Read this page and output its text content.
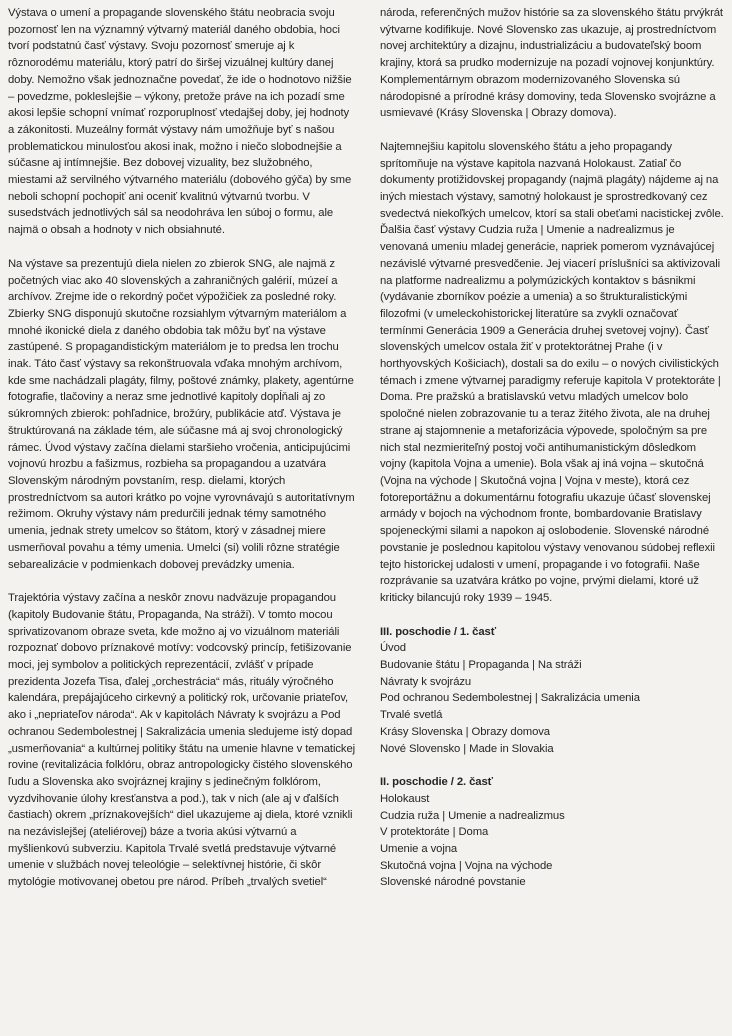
Výstava o umení a propagande slovenského štátu neobracia svoju pozornosť len na významný výtvarný materiál daného obdobia, hoci tvorí podstatnú časť výstavy. Svoju pozornosť smeruje aj k rôznorodému materiálu, ktorý patrí do širšej vizuálnej kultúry danej doby. Nemožno však jednoznačne povedať, že ide o hodnotovo nižšie – povedzme, pokleslejšie – výkony, pretože práve na ich pozadí sme akosi lepšie schopní vnímať rozporuplnosť vtedajšej doby, jej hodnoty a zákonitosti. Muzeálny formát výstavy nám umožňuje byť s našou problematickou minulosťou akosi inak, možno i niečo slobodnejšie a súčasne aj intímnejšie. Bez dobovej vizuality, bez služobného, miestami až servilného výtvarného materiálu (dobového gýča) by sme neboli schopní pochopiť ani oceniť kvalitnú výtvarnú tvorbu. V susedstvách jednotlivých sál sa neodohráva len súboj o formu, ale najmä o obsah a hodnoty v nich obsiahnuté.

Na výstave sa prezentujú diela nielen zo zbierok SNG, ale najmä z početných viac ako 40 slovenských a zahraničných galérií, múzeí a archívov. Zrejme ide o rekordný počet výpožičiek za posledné roky. Zbierky SNG disponujú skutočne rozsiahlym výtvarným materiálom a mnohé ikonické diela z daného obdobia tak môžu byť na výstave zastúpené. S propagandistickým materiálom je to predsa len trochu inak. Táto časť výstavy sa rekonštruovala vďaka mnohým archívom, kde sme nachádzali plagáty, filmy, poštové známky, plakety, agentúrne fotografie, tlačoviny a neraz sme jednotlivé kapitoly dopĺňali aj zo súkromných zbierok: pohľadnice, brožúry, publikácie atď. Výstava je štruktúrovaná na základe tém, ale súčasne má aj svoj chronologický rámec. Úvod výstavy začína dielami staršieho vročenia, anticipujúcimi vojnovú hrozbu a fašizmus, rozbieha sa propagandou a uzatvára Slovenským národným povstaním, resp. dielami, ktorých prostredníctvom sa autori krátko po vojne vyrovnávajú s autoritatívnym režimom. Okruhy výstavy nám predurčili jednak témy samotného umenia, jednak strety umelcov so štátom, ktorý v zásadnej miere usmerňoval povahu a témy umenia. Umelci (si) volili rôzne stratégie sebarealizácie v podmienkach dobovej prevádzky umenia.

Trajektória výstavy začína a neskôr znovu nadväzuje propagandou (kapitoly Budovanie štátu, Propaganda, Na stráži). V tomto mocou sprivatizovanom obraze sveta, kde možno aj vo vizuálnom materiáli rozpoznať dobovo príznakové motívy: vodcovský princíp, fetišizovanie moci, jej symbolov a politických reprezentácií, zvlášť v prípade prezidenta Jozefa Tisa, ďalej „orchestrácia“ más, rituály výročného kalendára, prepájajúceho cirkevný a politický rok, určovanie priateľov, ako i „nepriateľov národa“. Ak v kapitolách Návraty k svojrázu a Pod ochranou Sedembolestnej | Sakralizácia umenia sledujeme istý dopad „usmerňovania“ a kultúrnej politiky štátu na umenie hlavne v tematickej rovine (revitalizácia folklóru, obraz antropologicky čistého slovenského ľudu a Slovenska ako svojráznej krajiny s jedinečným folklórom, vyzdvihovanie úlohy kresťanstva a pod.), tak v nich (ale aj v ďalších častiach) okrem „príznakovejších“ diel ukazujeme aj diela, ktoré vznikli na nezávislejšej (ateliérovej) báze a tvoria akúsi výtvarnú a myšlienkovú subverziu. Kapitola Trvalé svetlá predstavuje výtvarné umenie v službách novej teleológie – selektívnej histórie, či skôr mytológie motivovanej obetou pre národ. Príbeh „trvalých svetiel“

národa, referenčných mužov histórie sa za slovenského štátu prvýkrát výtvarne kodifikuje. Nové Slovensko zas ukazuje, aj prostredníctvom novej architektúry a dizajnu, industrializáciu a budovateľský boom krajiny, ktorá sa prudko modernizuje na pozadí vojnovej konjunktúry. Komplementárnym obrazom modernizovaného Slovenska sú národopisné a prírodné krásy domoviny, teda Slovensko svojrázne a usmievavé (Krásy Slovenska | Obrazy domova).

Najtemnejšiu kapitolu slovenského štátu a jeho propagandy sprítomňuje na výstave kapitola nazvaná Holokaust. Zatiaľ čo dokumenty protižidovskej propagandy (najmä plagáty) nájdeme aj na iných miestach výstavy, samotný holokaust je sprostredkovaný cez svedectvá niekoľkých umelcov, ktorí sa stali obeťami nacistickej zvôle. Ďalšia časť výstavy Cudzia ruža | Umenie a nadrealizmus je venovaná umeniu mladej generácie, napriek pomerom vyznávajúcej nezávislé výtvarné presvedčenie. Jej viacerí príslušníci sa aktivizovali na platforme nadrealizmu a polymúzických kontaktov s básnikmi (vydávanie zborníkov poézie a umenia) a so štrukturalistickými filozofmi (v umeleckohistorickej literatúre sa zvykli označovať termínmi Generácia 1909 a Generácia druhej svetovej vojny). Časť slovenských umelcov ostala žiť v protektorátnej Prahe (i v horthyovských Košiciach), dostali sa do exilu – o nových civilistických témach i zmene výtvarnej paradigmy referuje kapitola V protektoráte | Doma. Pre pražskú a bratislavskú vetvu mladých umelcov bolo spoločné nielen zobrazovanie tu a teraz žitého života, ale na druhej strane aj stajomnenie a metaforizácia výpovede, spoločným sa pre nich stal nezmieriteľný postoj voči antihumanistickým dôsledkom vojny (kapitola Vojna a umenie). Bola však aj iná vojna – skutočná (Vojna na východe | Skutočná vojna | Vojna v meste), ktorá cez fotoreportážnu a dokumentárnu fotografiu ukazuje účasť slovenskej armády v bojoch na východnom fronte, bombardovanie Bratislavy spojeneckými silami a napokon aj oslobodenie. Slovenské národné povstanie je poslednou kapitolou výstavy venovanou súdobej reflexii tejto historickej udalosti v umení, propagande i vo fotografii. Naše rozprávanie sa uzatvára krátko po vojne, prvými dielami, ktoré už kriticky bilancujú roky 1939 – 1945.

III. poschodie / 1. časť
Úvod
Budovanie štátu | Propaganda | Na stráži
Návraty k svojrázu
Pod ochranou Sedembolestnej | Sakralizácia umenia
Trvalé svetlá
Krásy Slovenska | Obrazy domova
Nové Slovensko | Made in Slovakia
II. poschodie / 2. časť
Holokaust
Cudzia ruža | Umenie a nadrealizmus
V protektoráte | Doma
Umenie a vojna
Skutočná vojna | Vojna na východe
Slovenské národné povstanie
